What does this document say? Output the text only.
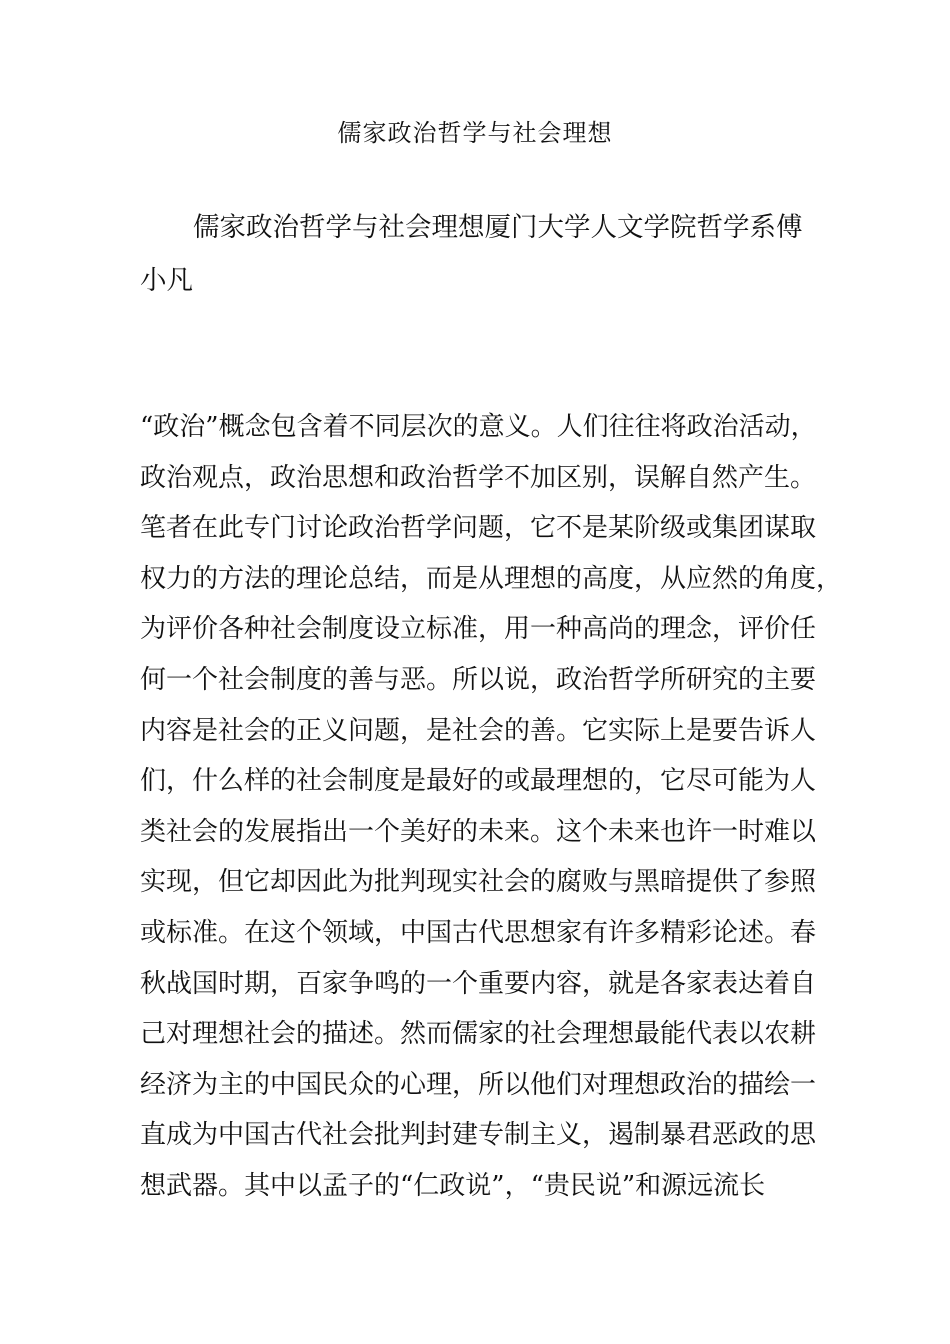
儒家政治哲学与社会理想

儒家政治哲学与社会理想厦门大学人文学院哲学系傅小凡

“政治”概念包含着不同层次的意义。人们往往将政治活动，
政治观点，政治思想和政治哲学不加区别，误解自然产生。
笔者在此专门讨论政治哲学问题，它不是某阶级或集团谋取
权力的方法的理论总结，而是从理想的高度，从应然的角度，
为评价各种社会制度设立标准，用一种高尚的理念，评价任
何一个社会制度的善与恶。所以说，政治哲学所研究的主要
内容是社会的正义问题，是社会的善。它实际上是要告诉人
们，什么样的社会制度是最好的或最理想的，它尽可能为人
类社会的发展指出一个美好的未来。这个未来也许一时难以
实现，但它却因此为批判现实社会的腐败与黑暗提供了参照
或标准。在这个领域，中国古代思想家有许多精彩论述。春
秋战国时期，百家争鸣的一个重要内容，就是各家表达着自
己对理想社会的描述。然而儒家的社会理想最能代表以农耕
经济为主的中国民众的心理，所以他们对理想政治的描绘一
直成为中国古代社会批判封建专制主义，遏制暴君恶政的思
想武器。其中以孟子的“仁政说”，“贵民说”和源远流长
